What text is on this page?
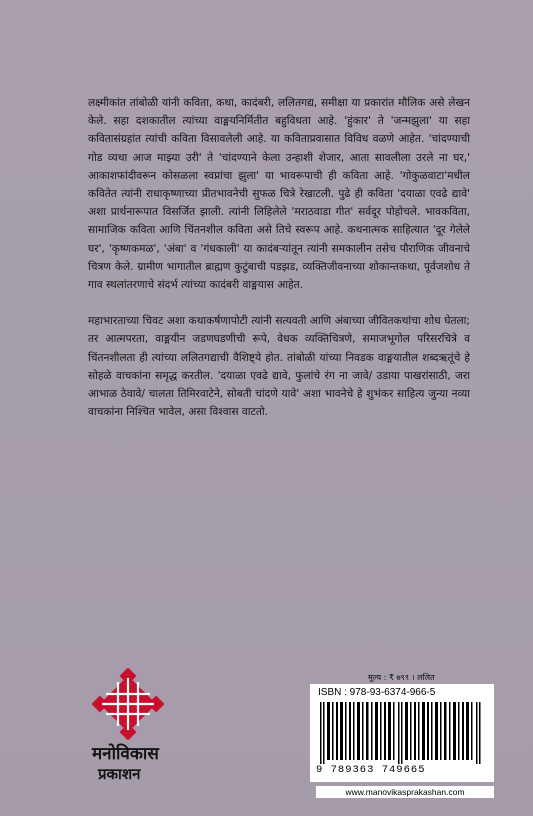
लक्ष्मीकांत तांबोळी यांनी कविता, कथा, कादंबरी, ललितगद्य, समीक्षा या प्रकारांत मौलिक असे लेखन केले. सहा दशकातील त्यांच्या वाङ्मयनिर्मितीत बहुविधता आहे. 'हुंकार' ते 'जन्मझुला' या सहा कवितासंग्रहांत त्यांची कविता विसावलेली आहे. या कविताप्रवासात विविध वळणे आहेत. 'चांदण्याची गोड व्यथा आज माझ्या उरी' ते 'चांदण्याने केला उन्हाशी शेजार, आता सावलीला उरले ना घर,' आकाशफांदीवरून कोसळला स्वप्नांचा झुला' या भावरूपाची ही कविता आहे. 'गोकुळवाटा'मधील कवितेत त्यांनी राधाकृष्णाच्या प्रीतभावनेची सुफळ चित्रे रेखाटली. पुढे ही कविता 'दयाळा एवढे द्यावे' अशा प्रार्थनारूपात विसर्जित झाली. त्यांनी लिहिलेले 'मराठवाडा गीत' सर्वदूर पोहोचले. भावकविता, सामाजिक कविता आणि चिंतनशील कविता असे तिचे स्वरूप आहे. कथनात्मक साहित्यात 'दूर गेलेले घर', 'कृष्णकमळ', 'अंबा' व 'गंधकाली' या कादंबऱ्यांतून त्यांनी समकालीन तसेच पौराणिक जीवनाचे चित्रण केले. ग्रामीण भागातील ब्राह्मण कुटुंबाची पडझड, व्यक्तिजीवनाच्या शोकान्तकथा, पूर्वजशोध ते गाव स्थलांतरणाचे संदर्भ त्यांच्या कादंबरी वाङ्मयास आहेत.

महाभारताच्या चिवट अशा कथाकर्षणापोटी त्यांनी सत्यवती आणि अंबाच्या जीवितकथांचा शोध घेतला; तर आत्मपरता, वाङ्मयीन जडणघडणीची रूपे, वेधक व्यक्तिचित्रणे, समाजभूगोल परिसरचित्रे व चिंतनशीलता ही त्यांच्या ललितगद्याची वैशिष्ट्ये होत. तांबोळी यांच्या निवडक वाङ्मयातील शब्दऋतूंचे हे सोहळे वाचकांना समृद्ध करतील. 'दयाळा एवढे द्यावे, फुलांचे रंग ना जावे/ उडाया पाखरांसाठी, जरा आभाळ ठेवावे/ चालता तिमिरवाटेने, सोबती चांदणे यावे' अशा भावनेचे हे शुभंकर साहित्य जुन्या नव्या वाचकांना निश्चित भावेल, असा विश्वास वाटतो.

मनोविकास
प्रकाशन
मूल्य : ₹ ७९९ । ललित
ISBN : 978-93-6374-966-5
9 789363 749665
www.manovikasprakashan.com
